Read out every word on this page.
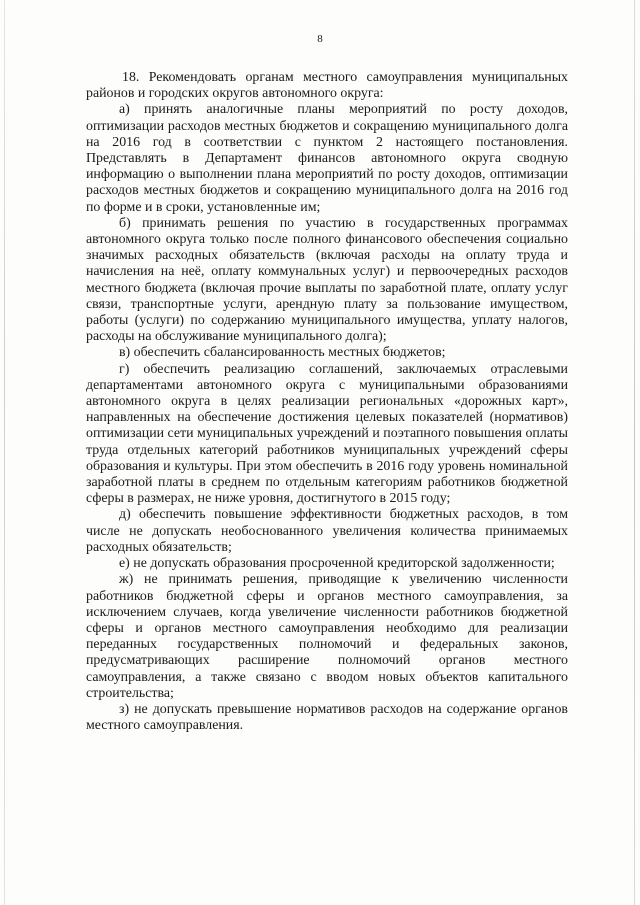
8

18. Рекомендовать органам местного самоуправления муниципальных районов и городских округов автономного округа:

а) принять аналогичные планы мероприятий по росту доходов, оптимизации расходов местных бюджетов и сокращению муниципального долга на 2016 год в соответствии с пунктом 2 настоящего постановления. Представлять в Департамент финансов автономного округа сводную информацию о выполнении плана мероприятий по росту доходов, оптимизации расходов местных бюджетов и сокращению муниципального долга на 2016 год по форме и в сроки, установленные им;

б) принимать решения по участию в государственных программах автономного округа только после полного финансового обеспечения социально значимых расходных обязательств (включая расходы на оплату труда и начисления на неё, оплату коммунальных услуг) и первоочередных расходов местного бюджета (включая прочие выплаты по заработной плате, оплату услуг связи, транспортные услуги, арендную плату за пользование имуществом, работы (услуги) по содержанию муниципального имущества, уплату налогов, расходы на обслуживание муниципального долга);

в) обеспечить сбалансированность местных бюджетов;

г) обеспечить реализацию соглашений, заключаемых отраслевыми департаментами автономного округа с муниципальными образованиями автономного округа в целях реализации региональных «дорожных карт», направленных на обеспечение достижения целевых показателей (нормативов) оптимизации сети муниципальных учреждений и поэтапного повышения оплаты труда отдельных категорий работников муниципальных учреждений сферы образования и культуры. При этом обеспечить в 2016 году уровень номинальной заработной платы в среднем по отдельным категориям работников бюджетной сферы в размерах, не ниже уровня, достигнутого в 2015 году;

д) обеспечить повышение эффективности бюджетных расходов, в том числе не допускать необоснованного увеличения количества принимаемых расходных обязательств;

е) не допускать образования просроченной кредиторской задолженности;

ж) не принимать решения, приводящие к увеличению численности работников бюджетной сферы и органов местного самоуправления, за исключением случаев, когда увеличение численности работников бюджетной сферы и органов местного самоуправления необходимо для реализации переданных государственных полномочий и федеральных законов, предусматривающих расширение полномочий органов местного самоуправления, а также связано с вводом новых объектов капитального строительства;

з) не допускать превышение нормативов расходов на содержание органов местного самоуправления.
